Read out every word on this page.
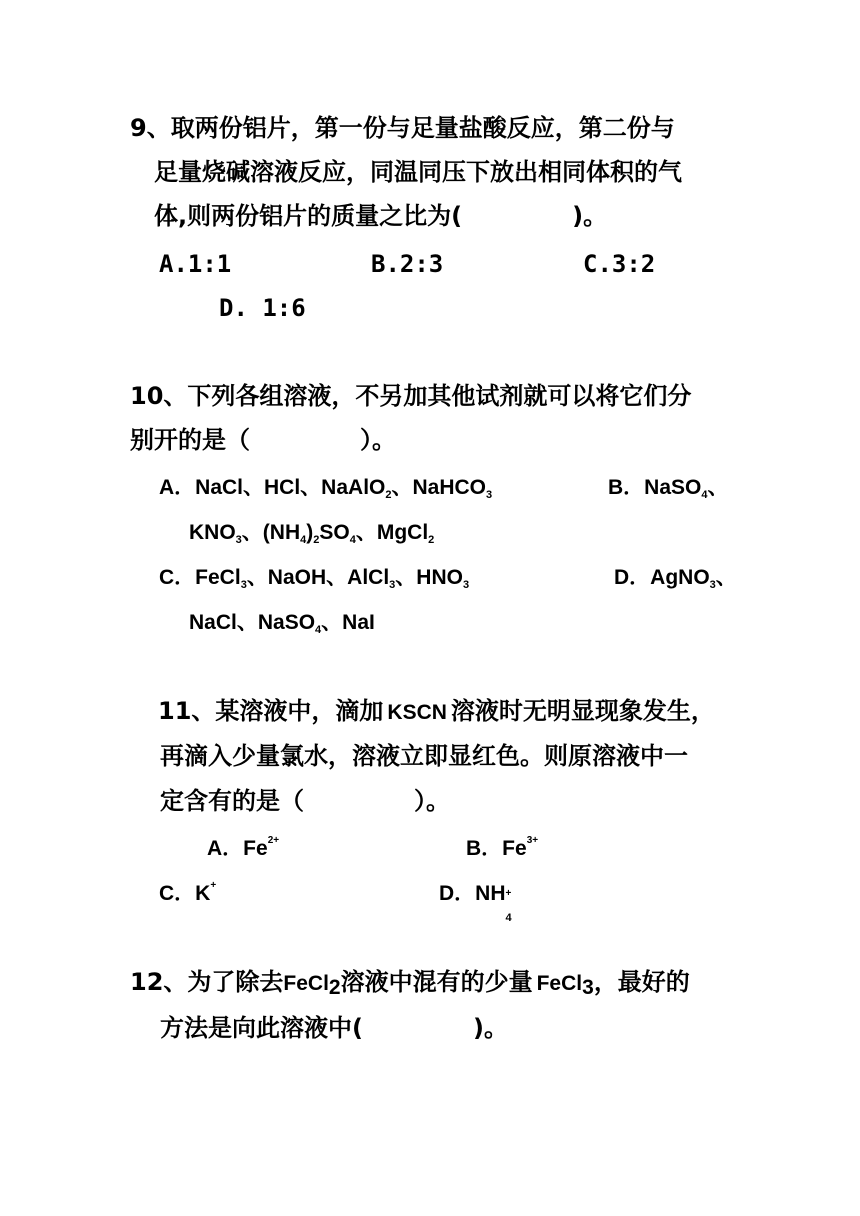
9、取两份铝片，第一份与足量盐酸反应，第二份与
足量烧碱溶液反应，同温同压下放出相同体积的气
体,则两份铝片的质量之比为(	)。
A.1:1	B.2:3	C.3:2
D. 1:6
10、下列各组溶液，不另加其他试剂就可以将它们分
别开的是（	）。
A．NaCl、HCl、NaAlO$_2$、NaHCO$_3$	B．NaSO$_4$、
$KNO_3$、$(NH_4)_2SO_4$、MgCl$_2$
C．FeCl$_3$、NaOH、AlCl$_3$、$HNO_3$	D．AgNO$_3$、
NaCl、NaSO$_4$、NaI
11、某溶液中，滴加 KSCN 溶液时无明显现象发生，
再滴入少量氯水，溶液立即显红色。则原溶液中一
定含有的是（	）。
A．$Fe^{2+}$	B．$Fe^{3+}$
C．K+	D．NH +
4
12、为了除去FeCl$_2$溶液中混有的少量 FeCl$_3$，最好的
方法是向此溶液中(	)。
